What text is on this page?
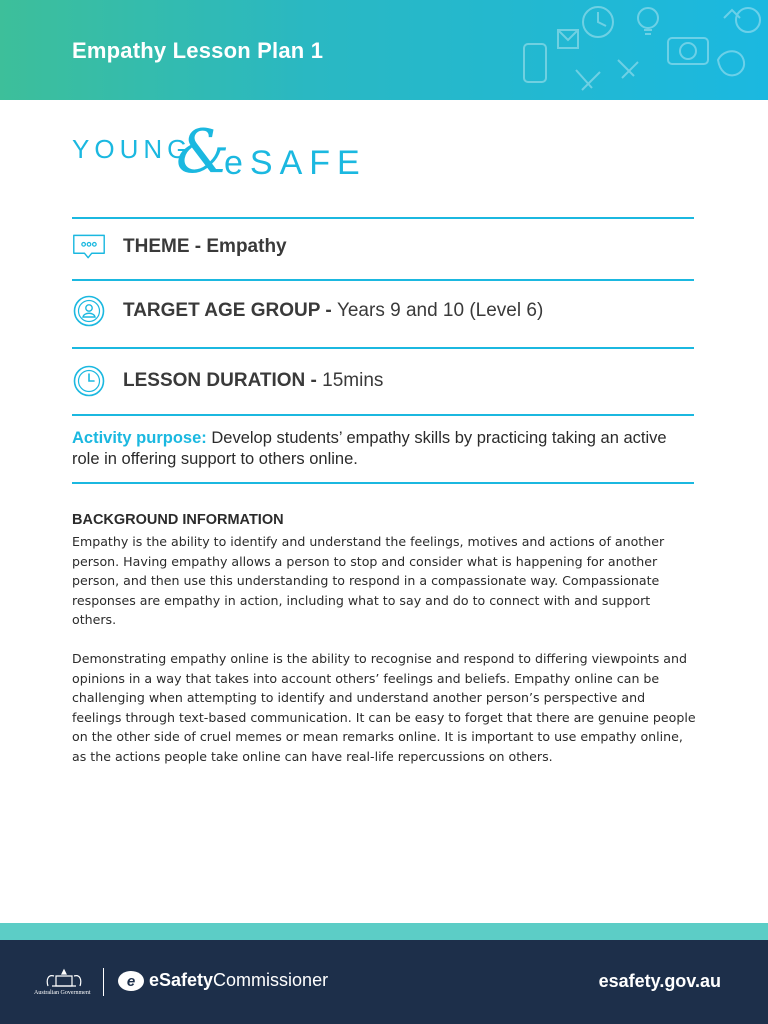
Empathy Lesson Plan 1
YOUNG
&
eSAFE
THEME - Empathy
TARGET AGE GROUP - Years 9 and 10 (Level 6)
LESSON DURATION - 15mins
Activity purpose: Develop students’ empathy skills by practicing taking an active role in offering support to others online.
BACKGROUND INFORMATION
Empathy is the ability to identify and understand the feelings, motives and actions of another person. Having empathy allows a person to stop and consider what is happening for another person, and then use this understanding to respond in a compassionate way. Compassionate responses are empathy in action, including what to say and do to connect with and support others.
Demonstrating empathy online is the ability to recognise and respond to differing viewpoints and opinions in a way that takes into account others’ feelings and beliefs. Empathy online can be challenging when attempting to identify and understand another person’s perspective and feelings through text-based communication. It can be easy to forget that there are genuine people on the other side of cruel memes or mean remarks online. It is important to use empathy online, as the actions people take online can have real-life repercussions on others.
Australian Government
e eSafetyCommissioner	esafety.gov.au
